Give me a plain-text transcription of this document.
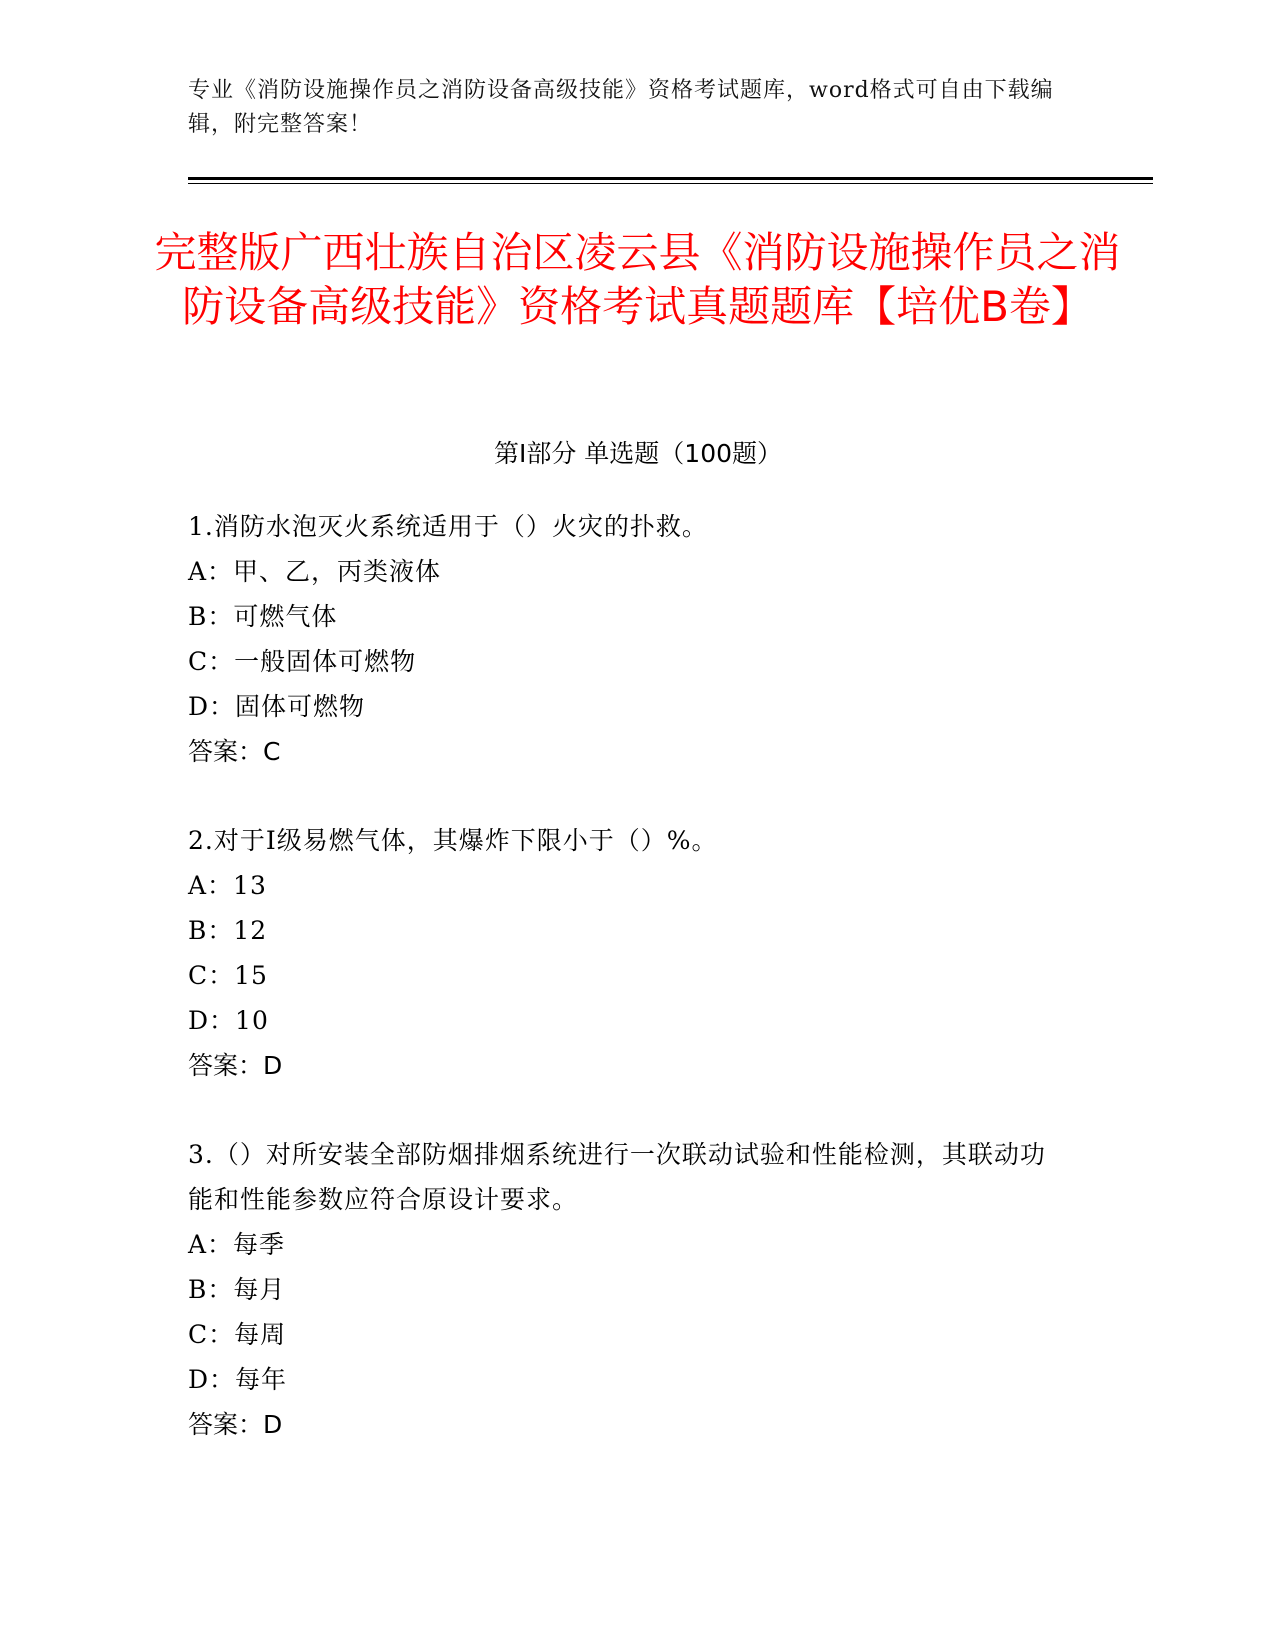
专业《消防设施操作员之消防设备高级技能》资格考试题库，word格式可自由下载编辑，附完整答案！
完整版广西壮族自治区凌云县《消防设施操作员之消防设备高级技能》资格考试真题题库【培优B卷】
第I部分 单选题（100题）
1.消防水泡灭火系统适用于（）火灾的扑救。
A：甲、乙，丙类液体
B：可燃气体
C：一般固体可燃物
D：固体可燃物
答案：C
2.对于Ⅰ级易燃气体，其爆炸下限小于（）%。
A：13
B：12
C：15
D：10
答案：D
3.（）对所安装全部防烟排烟系统进行一次联动试验和性能检测，其联动功能和性能参数应符合原设计要求。
A：每季
B：每月
C：每周
D：每年
答案：D
